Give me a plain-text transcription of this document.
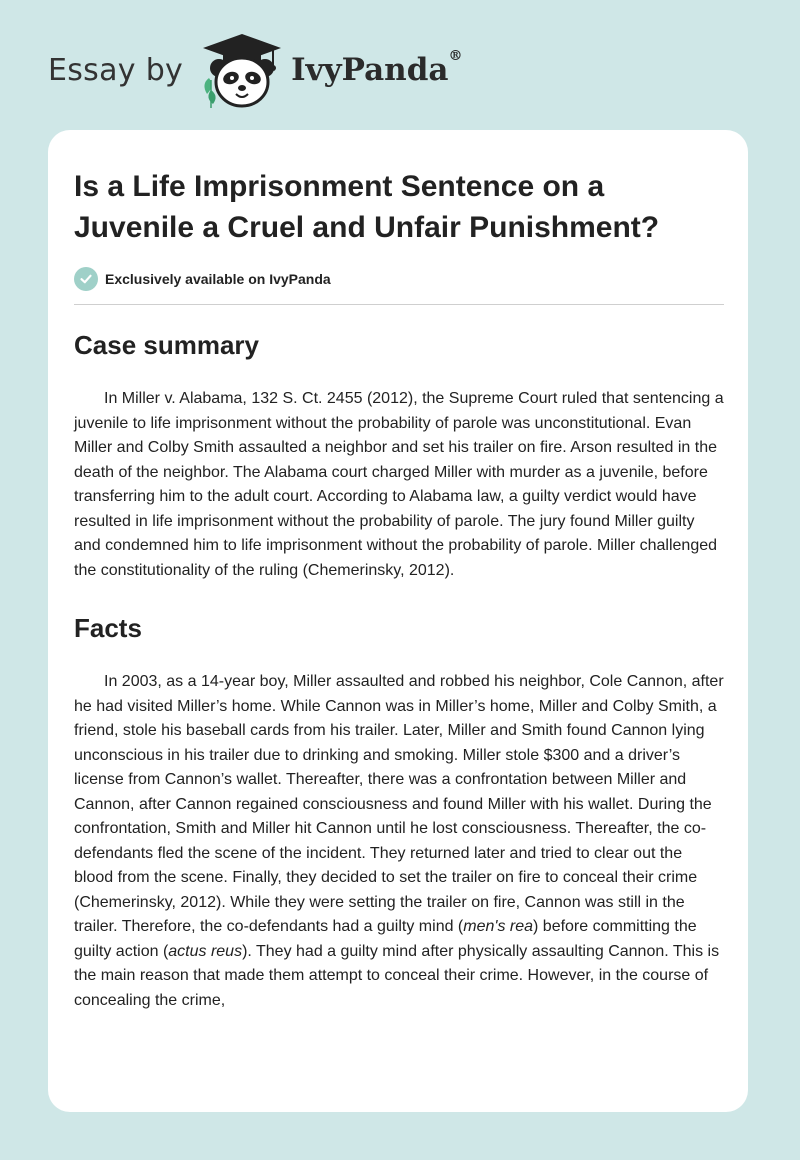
Essay by	IvyPanda®
Is a Life Imprisonment Sentence on a Juvenile a Cruel and Unfair Punishment?
Exclusively available on IvyPanda
Case summary

In Miller v. Alabama, 132 S. Ct. 2455 (2012), the Supreme Court ruled that sentencing a juvenile to life imprisonment without the probability of parole was unconstitutional. Evan Miller and Colby Smith assaulted a neighbor and set his trailer on fire. Arson resulted in the death of the neighbor. The Alabama court charged Miller with murder as a juvenile, before transferring him to the adult court. According to Alabama law, a guilty verdict would have resulted in life imprisonment without the probability of parole. The jury found Miller guilty and condemned him to life imprisonment without the probability of parole. Miller challenged the constitutionality of the ruling (Chemerinsky, 2012).

Facts

In 2003, as a 14-year boy, Miller assaulted and robbed his neighbor, Cole Cannon, after he had visited Miller’s home. While Cannon was in Miller’s home, Miller and Colby Smith, a friend, stole his baseball cards from his trailer. Later, Miller and Smith found Cannon lying unconscious in his trailer due to drinking and smoking. Miller stole $300 and a driver’s license from Cannon’s wallet. Thereafter, there was a confrontation between Miller and Cannon, after Cannon regained consciousness and found Miller with his wallet. During the confrontation, Smith and Miller hit Cannon until he lost consciousness. Thereafter, the co-defendants fled the scene of the incident. They returned later and tried to clear out the blood from the scene. Finally, they decided to set the trailer on fire to conceal their crime (Chemerinsky, 2012). While they were setting the trailer on fire, Cannon was still in the trailer. Therefore, the co-defendants had a guilty mind (men's rea) before committing the guilty action (actus reus). They had a guilty mind after physically assaulting Cannon. This is the main reason that made them attempt to conceal their crime. However, in the course of concealing the crime,
